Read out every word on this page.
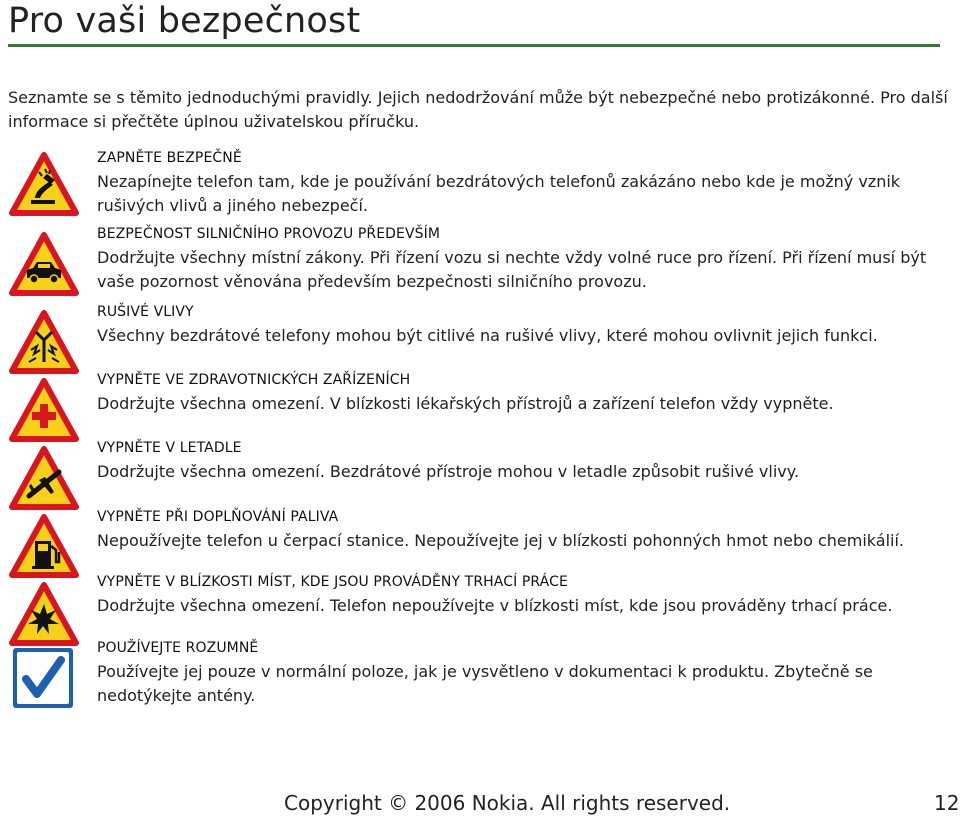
Pro vaši bezpečnost
Seznamte se s těmito jednoduchými pravidly. Jejich nedodržování může být nebezpečné nebo protizákonné. Pro další informace si přečtěte úplnou uživatelskou příručku.
ZAPNĚTE BEZPEČNĚ
Nezapínejte telefon tam, kde je používání bezdrátových telefonů zakázáno nebo kde je možný vznik rušivých vlivů a jiného nebezpečí.
BEZPEČNOST SILNIČNÍHO PROVOZU PŘEDEVŠÍM
Dodržujte všechny místní zákony. Při řízení vozu si nechte vždy volné ruce pro řízení. Při řízení musí být vaše pozornost věnována především bezpečnosti silničního provozu.
RUŠIVÉ VLIVY
Všechny bezdrátové telefony mohou být citlivé na rušivé vlivy, které mohou ovlivnit jejich funkci.
VYPNĚTE VE ZDRAVOTNICKÝCH ZAŘÍZENÍCH
Dodržujte všechna omezení. V blízkosti lékařských přístrojů a zařízení telefon vždy vypněte.
VYPNĚTE V LETADLE
Dodržujte všechna omezení. Bezdrátové přístroje mohou v letadle způsobit rušivé vlivy.
VYPNĚTE PŘI DOPLŇOVÁNÍ PALIVA
Nepoužívejte telefon u čerpací stanice. Nepoužívejte jej v blízkosti pohonných hmot nebo chemikálií.
VYPNĚTE V BLÍZKOSTI MÍST, KDE JSOU PROVÁDĚNY TRHACÍ PRÁCE
Dodržujte všechna omezení. Telefon nepoužívejte v blízkosti míst, kde jsou prováděny trhací práce.
POUŽÍVEJTE ROZUMNĚ
Používejte jej pouze v normální poloze, jak je vysvětleno v dokumentaci k produktu. Zbytečně se nedotýkejte antény.
Copyright © 2006 Nokia. All rights reserved.	12
